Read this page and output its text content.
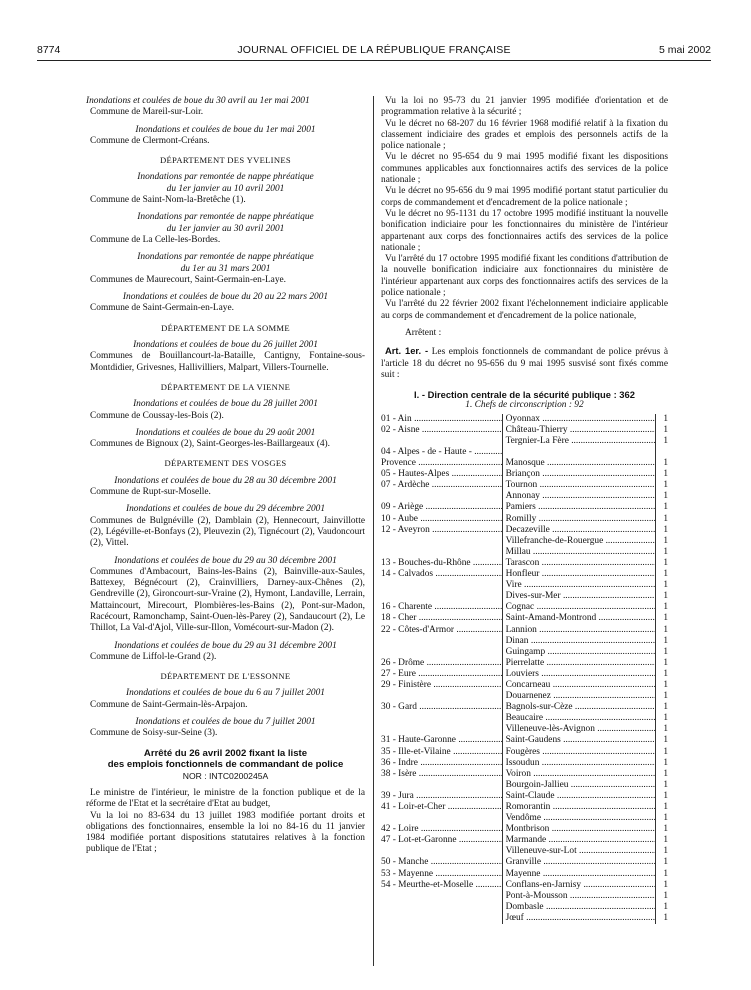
8774	JOURNAL OFFICIEL DE LA RÉPUBLIQUE FRANÇAISE	5 mai 2002
Inondations et coulées de boue du 30 avril au 1er mai 2001
Commune de Mareil-sur-Loir.
Inondations et coulées de boue du 1er mai 2001
Commune de Clermont-Créans.
DÉPARTEMENT DES YVELINES
Inondations par remontée de nappe phréatique
du 1er janvier au 10 avril 2001
Commune de Saint-Nom-la-Bretêche (1).
Inondations par remontée de nappe phréatique
du 1er janvier au 30 avril 2001
Commune de La Celle-les-Bordes.
Inondations par remontée de nappe phréatique
du 1er au 31 mars 2001
Communes de Maurecourt, Saint-Germain-en-Laye.
Inondations et coulées de boue du 20 au 22 mars 2001
Commune de Saint-Germain-en-Laye.
DÉPARTEMENT DE LA SOMME
Inondations et coulées de boue du 26 juillet 2001
Communes de Bouillancourt-la-Bataille, Cantigny, Fontaine-sous-Montdidier, Grivesnes, Hallivilliers, Malpart, Villers-Tournelle.
DÉPARTEMENT DE LA VIENNE
Inondations et coulées de boue du 28 juillet 2001
Commune de Coussay-les-Bois (2).
Inondations et coulées de boue du 29 août 2001
Communes de Bignoux (2), Saint-Georges-les-Baillargeaux (4).
DÉPARTEMENT DES VOSGES
Inondations et coulées de boue du 28 au 30 décembre 2001
Commune de Rupt-sur-Moselle.
Inondations et coulées de boue du 29 décembre 2001
Communes de Bulgnéville (2), Damblain (2), Hennecourt, Jainvillotte (2), Légéville-et-Bonfays (2), Pleuvezin (2), Tignécourt (2), Vaudoncourt (2), Vittel.
Inondations et coulées de boue du 29 au 30 décembre 2001
Communes d'Ambacourt, Bains-les-Bains (2), Bainville-aux-Saules, Battexey, Bégnécourt (2), Crainvilliers, Darney-aux-Chênes (2), Gendreville (2), Gironcourt-sur-Vraine (2), Hymont, Landaville, Lerrain, Mattaincourt, Mirecourt, Plombières-les-Bains (2), Pont-sur-Madon, Racécourt, Ramonchamp, Saint-Ouen-lès-Parey (2), Sandaucourt (2), Le Thillot, La Val-d'Ajol, Ville-sur-Illon, Vomécourt-sur-Madon (2).
Inondations et coulées de boue du 29 au 31 décembre 2001
Commune de Liffol-le-Grand (2).
DÉPARTEMENT DE L'ESSONNE
Inondations et coulées de boue du 6 au 7 juillet 2001
Commune de Saint-Germain-lès-Arpajon.
Inondations et coulées de boue du 7 juillet 2001
Commune de Soisy-sur-Seine (3).
Arrêté du 26 avril 2002 fixant la liste
des emplois fonctionnels de commandant de police
NOR : INTC0200245A
Le ministre de l'intérieur, le ministre de la fonction publique et de la réforme de l'Etat et la secrétaire d'Etat au budget,
Vu la loi no 83-634 du 13 juillet 1983 modifiée portant droits et obligations des fonctionnaires, ensemble la loi no 84-16 du 11 janvier 1984 modifiée portant dispositions statutaires relatives à la fonction publique de l'Etat ;

Vu la loi no 95-73 du 21 janvier 1995 modifiée d'orientation et de programmation relative à la sécurité ;

Vu le décret no 68-207 du 16 février 1968 modifié relatif à la fixation du classement indiciaire des grades et emplois des personnels actifs de la police nationale ;

Vu le décret no 95-654 du 9 mai 1995 modifié fixant les dispositions communes applicables aux fonctionnaires actifs des services de la police nationale ;

Vu le décret no 95-656 du 9 mai 1995 modifié portant statut particulier du corps de commandement et d'encadrement de la police nationale ;

Vu le décret no 95-1131 du 17 octobre 1995 modifié instituant la nouvelle bonification indiciaire pour les fonctionnaires du ministère de l'intérieur appartenant aux corps des fonctionnaires actifs des services de la police nationale ;

Vu l'arrêté du 17 octobre 1995 modifié fixant les conditions d'attribution de la nouvelle bonification indiciaire aux fonctionnaires du ministère de l'intérieur appartenant aux corps des fonctionnaires actifs des services de la police nationale ;

Vu l'arrêté du 22 février 2002 fixant l'échelonnement indiciaire applicable au corps de commandement et d'encadrement de la police nationale,

Arrêtent :

Art. 1er. - Les emplois fonctionnels de commandant de police prévus à l'article 18 du décret no 95-656 du 9 mai 1995 susvisé sont fixés comme suit :

I. - Direction centrale de la sécurité publique : 362

1. Chefs de circonscription : 92

01 - Ain .....	Oyonnax .....	1
02 - Aisne .....	Château-Thierry .....	1
Tergnier-La Fère .....	1
04 - Alpes - de - Haute - .....
Provence .....	Manosque .....	1
05 - Hautes-Alpes .....	Briançon .....	1
07 - Ardèche .....	Tournon .....	1
Annonay .....	1
09 - Ariège .....	Pamiers .....	1
10 - Aube .....	Romilly .....	1
12 - Aveyron .....	Decazeville .....	1
Villefranche-de-Rouergue .....	1
Millau .....	1
13 - Bouches-du-Rhône .....	Tarascon .....	1
14 - Calvados .....	Honfleur .....	1
Vire .....	1
Dives-sur-Mer .....	1
16 - Charente .....	Cognac .....	1
18 - Cher .....	Saint-Amand-Montrond .....	1
22 - Côtes-d'Armor .....	Lannion .....	1
Dinan .....	1
Guingamp .....	1
26 - Drôme .....	Pierrelatte .....	1
27 - Eure .....	Louviers .....	1
29 - Finistère .....	Concarneau .....	1
Douarnenez .....	1
30 - Gard .....	Bagnols-sur-Cèze .....	1
Beaucaire .....	1
Villeneuve-lès-Avignon .....	1
31 - Haute-Garonne .....	Saint-Gaudens .....	1
35 - Ille-et-Vilaine .....	Fougères .....	1
36 - Indre .....	Issoudun .....	1
38 - Isère .....	Voiron .....	1
Bourgoin-Jallieu .....	1
39 - Jura .....	Saint-Claude .....	1
41 - Loir-et-Cher .....	Romorantin .....	1
Vendôme .....	1
42 - Loire .....	Montbrison .....	1
47 - Lot-et-Garonne .....	Marmande .....	1
Villeneuve-sur-Lot .....	1
50 - Manche .....	Granville .....	1
53 - Mayenne .....	Mayenne .....	1
54 - Meurthe-et-Moselle .....	Conflans-en-Jarnisy .....	1
Pont-à-Mousson .....	1
Dombasle .....	1
Jœuf .....	1
